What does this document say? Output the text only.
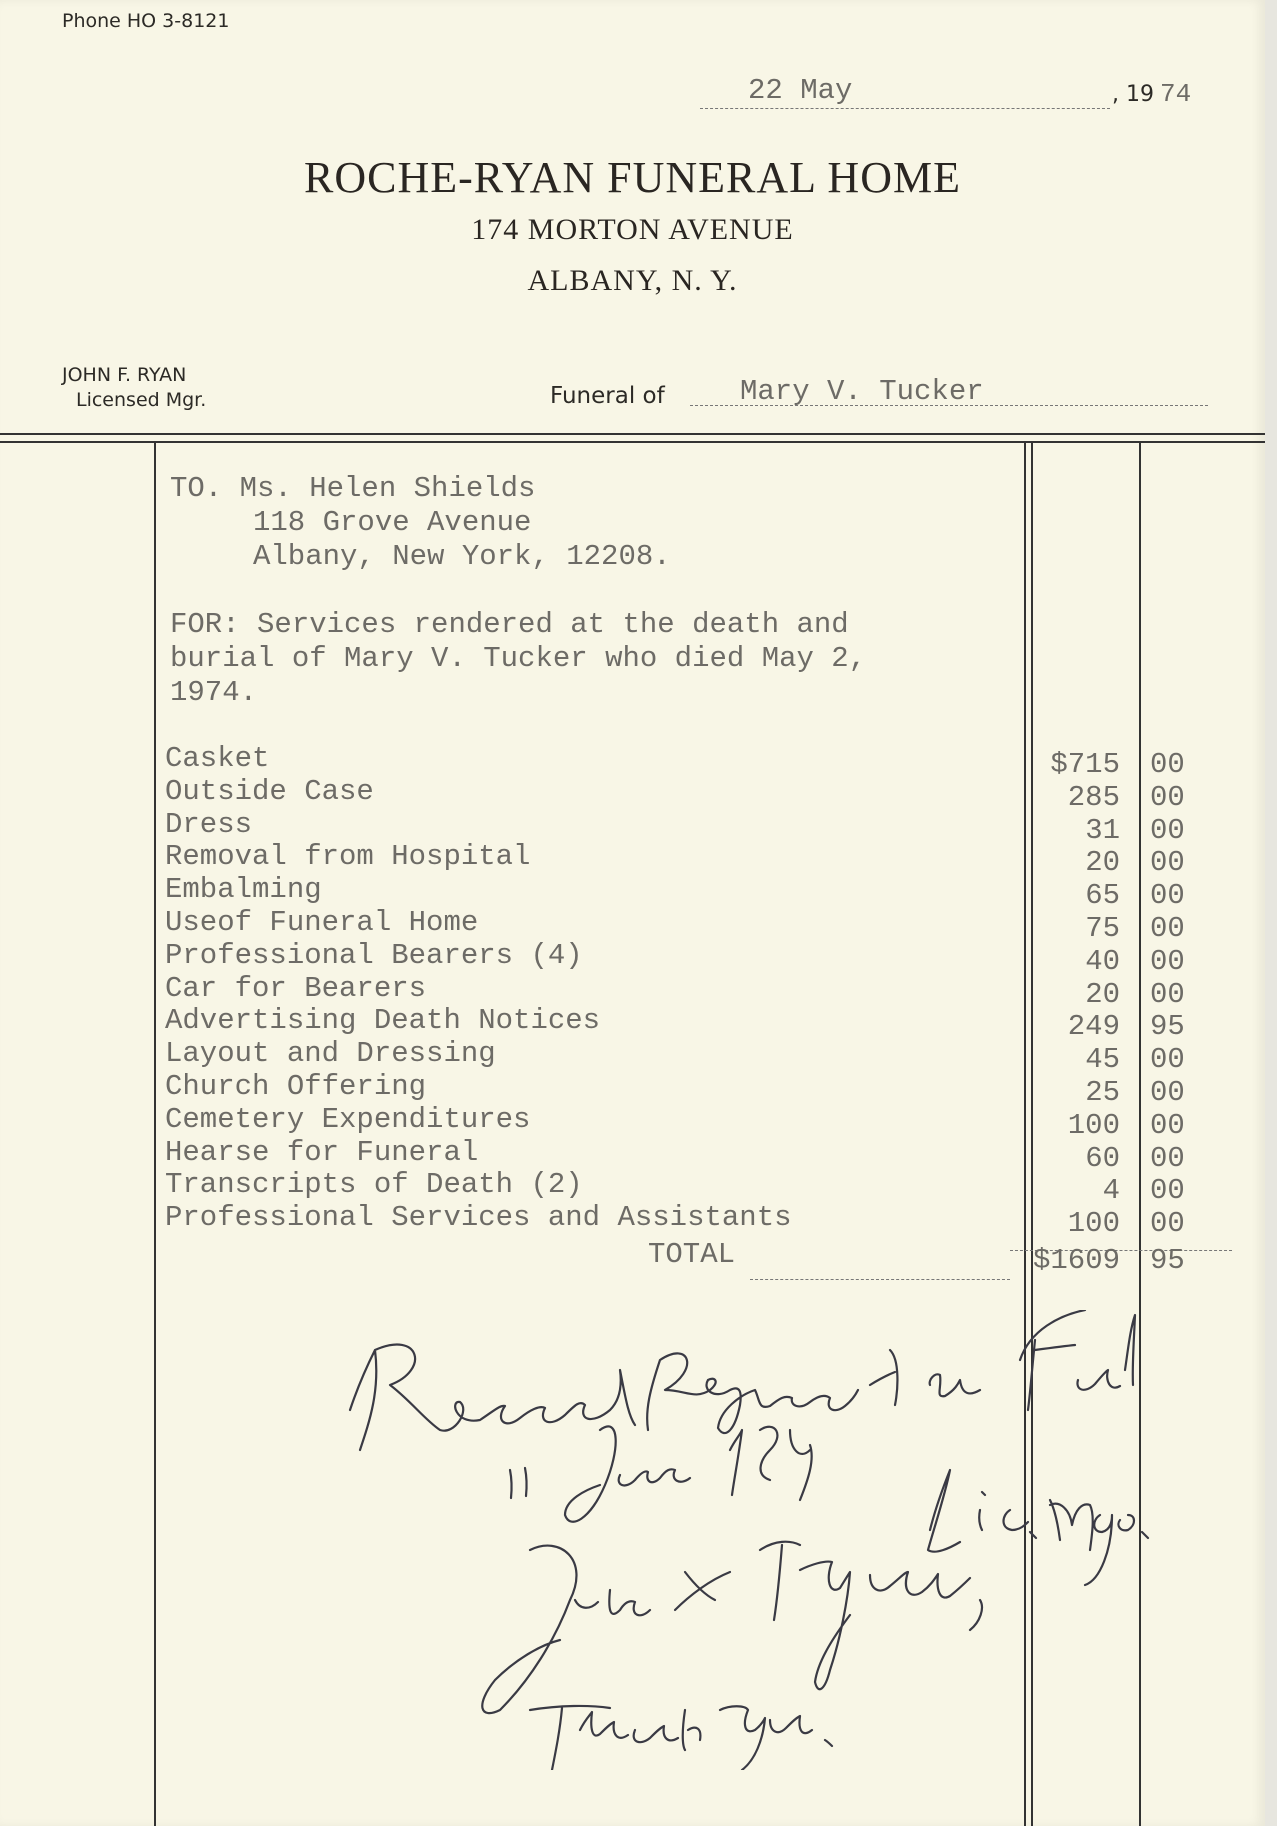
Phone HO 3-8121
22 May	, 19 74
ROCHE-RYAN FUNERAL HOME
174 MORTON AVENUE
ALBANY, N. Y.
JOHN F. RYAN
Licensed Mgr.	Funeral of	Mary V. Tucker
TO. Ms. Helen Shields
118 Grove Avenue
Albany, New York, 12208.
FOR: Services rendered at the death and
burial of Mary V. Tucker who died May 2,
1974.
Casket	$715 00
Outside Case	285 00
Dress	31 00
Removal from Hospital	20 00
Embalming	65 00
Useof Funeral Home	75 00
Professional Bearers (4)	40 00
Car for Bearers	20 00
Advertising Death Notices	249 95
Layout and Dressing	45 00
Church Offering	25 00
Cemetery Expenditures	100 00
Hearse for Funeral	60 00
Transcripts of Death (2)	4 00
Professional Services and Assistants	100 00
TOTAL	$1609 95
